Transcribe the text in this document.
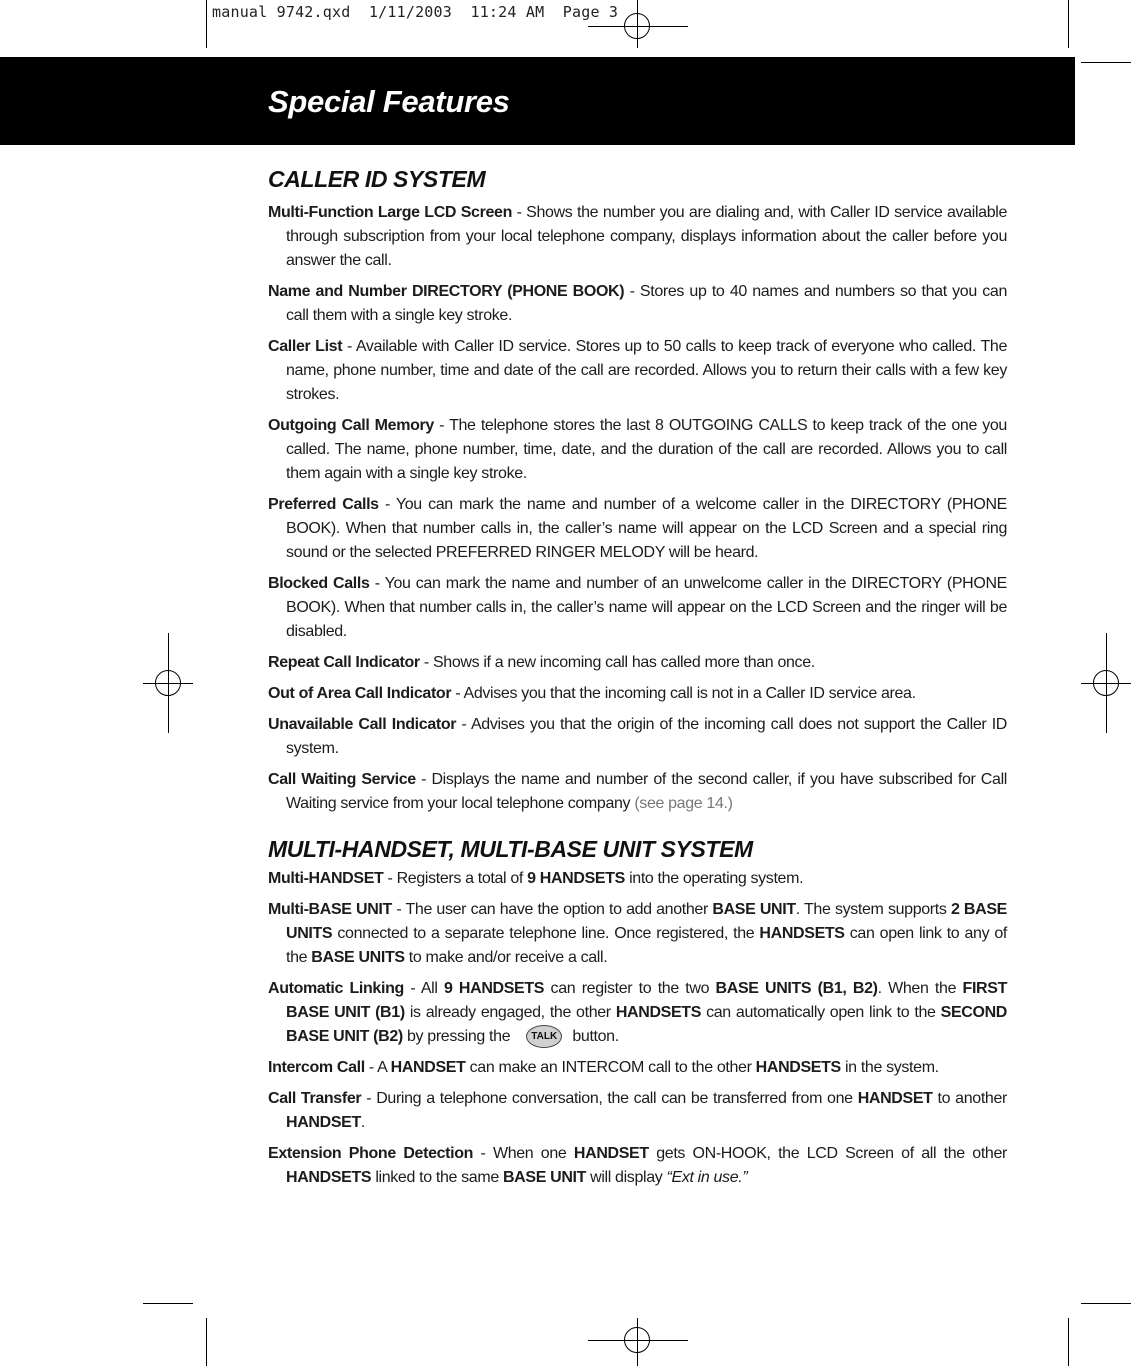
manual 9742.qxd  1/11/2003  11:24 AM  Page 3
Special Features
CALLER ID SYSTEM

Multi-Function Large LCD Screen - Shows the number you are dialing and, with Caller ID service available through subscription from your local telephone company, displays information about the caller before you answer the call.

Name and Number DIRECTORY (PHONE BOOK) - Stores up to 40 names and numbers so that you can call them with a single key stroke.

Caller List - Available with Caller ID service. Stores up to 50 calls to keep track of everyone who called. The name, phone number, time and date of the call are recorded. Allows you to return their calls with a few key strokes.

Outgoing Call Memory - The telephone stores the last 8 OUTGOING CALLS to keep track of the one you called. The name, phone number, time, date, and the duration of the call are recorded. Allows you to call them again with a single key stroke.

Preferred Calls - You can mark the name and number of a welcome caller in the DIRECTORY (PHONE BOOK). When that number calls in, the caller’s name will appear on the LCD Screen and a special ring sound or the selected PREFERRED RINGER MELODY will be heard.

Blocked Calls - You can mark the name and number of an unwelcome caller in the DIRECTORY (PHONE BOOK). When that number calls in, the caller’s name will appear on the LCD Screen and the ringer will be disabled.

Repeat Call Indicator - Shows if a new incoming call has called more than once.

Out of Area Call Indicator - Advises you that the incoming call is not in a Caller ID service area.

Unavailable Call Indicator - Advises you that the origin of the incoming call does not support the Caller ID system.

Call Waiting Service - Displays the name and number of the second caller, if you have subscribed for Call Waiting service from your local telephone company (see page 14.)

MULTI-HANDSET, MULTI-BASE UNIT SYSTEM

Multi-HANDSET - Registers a total of 9 HANDSETS into the operating system.

Multi-BASE UNIT - The user can have the option to add another BASE UNIT. The system supports 2 BASE UNITS connected to a separate telephone line. Once registered, the HANDSETS can open link to any of the BASE UNITS to make and/or receive a call.

Automatic Linking - All 9 HANDSETS can register to the two BASE UNITS (B1, B2). When the FIRST BASE UNIT (B1) is already engaged, the other HANDSETS can automatically open link to the SECOND BASE UNIT (B2) by pressing the TALK button.

Intercom Call - A HANDSET can make an INTERCOM call to the other HANDSETS in the system.

Call Transfer - During a telephone conversation, the call can be transferred from one HANDSET to another HANDSET.

Extension Phone Detection - When one HANDSET gets ON-HOOK, the LCD Screen of all the other HANDSETS linked to the same BASE UNIT will display “Ext in use.”
